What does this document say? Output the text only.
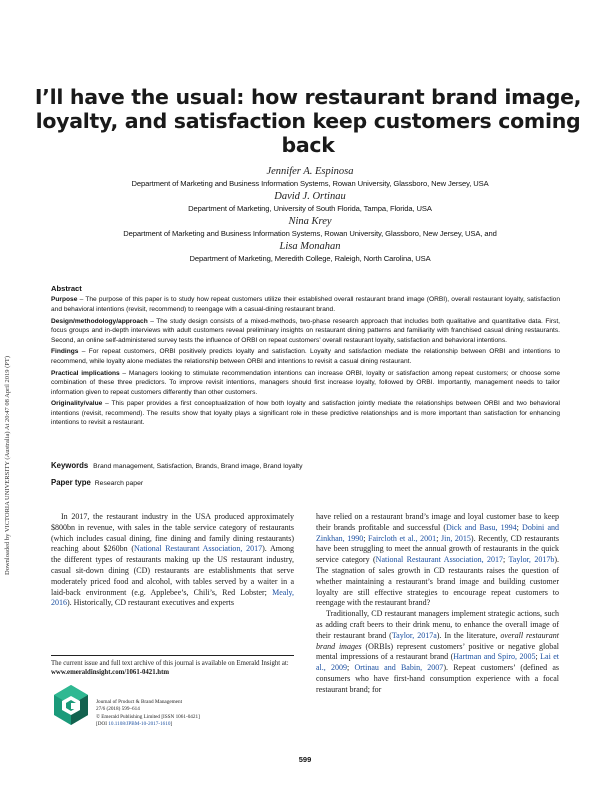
Downloaded by VICTORIA UNIVERSITY (Australia) At 20:47 08 April 2019 (PT)
I’ll have the usual: how restaurant brand image, loyalty, and satisfaction keep customers coming back
Jennifer A. Espinosa
Department of Marketing and Business Information Systems, Rowan University, Glassboro, New Jersey, USA
David J. Ortinau
Department of Marketing, University of South Florida, Tampa, Florida, USA
Nina Krey
Department of Marketing and Business Information Systems, Rowan University, Glassboro, New Jersey, USA, and
Lisa Monahan
Department of Marketing, Meredith College, Raleigh, North Carolina, USA
Abstract

Purpose – The purpose of this paper is to study how repeat customers utilize their established overall restaurant brand image (ORBI), overall restaurant loyalty, satisfaction and behavioral intentions (revisit, recommend) to reengage with a casual-dining restaurant brand.

Design/methodology/approach – The study design consists of a mixed-methods, two-phase research approach that includes both qualitative and quantitative data. First, focus groups and in-depth interviews with adult customers reveal preliminary insights on restaurant dining patterns and familiarity with franchised casual dining restaurants. Second, an online self-administered survey tests the influence of ORBI on repeat customers’ overall restaurant loyalty, satisfaction and behavioral intentions.

Findings – For repeat customers, ORBI positively predicts loyalty and satisfaction. Loyalty and satisfaction mediate the relationship between ORBI and intentions to recommend, while loyalty alone mediates the relationship between ORBI and intentions to revisit a casual dining restaurant.

Practical implications – Managers looking to stimulate recommendation intentions can increase ORBI, loyalty or satisfaction among repeat customers; or choose some combination of these three predictors. To improve revisit intentions, managers should first increase loyalty, followed by ORBI. Importantly, management needs to tailor information given to repeat customers differently than other customers.

Originality/value – This paper provides a first conceptualization of how both loyalty and satisfaction jointly mediate the relationships between ORBI and two behavioral intentions (revisit, recommend). The results show that loyalty plays a significant role in these predictive relationships and is more important than satisfaction for enhancing intentions to revisit a restaurant.

Keywords Brand management, Satisfaction, Brands, Brand image, Brand loyalty
Paper type Research paper

In 2017, the restaurant industry in the USA produced approximately $800bn in revenue, with sales in the table service category of restaurants (which includes casual dining, fine dining and family dining restaurants) reaching about $260bn (National Restaurant Association, 2017). Among the different types of restaurants making up the US restaurant industry, casual sit-down dining (CD) restaurants are establishments that serve moderately priced food and alcohol, with tables served by a waiter in a laid-back environment (e.g. Applebee’s, Chili’s, Red Lobster; Mealy, 2016). Historically, CD restaurant executives and experts

have relied on a restaurant brand’s image and loyal customer base to keep their brands profitable and successful (Dick and Basu, 1994; Dobini and Zinkhan, 1990; Faircloth et al., 2001; Jin, 2015). Recently, CD restaurants have been struggling to meet the annual growth of restaurants in the quick service category (National Restaurant Association, 2017; Taylor, 2017b). The stagnation of sales growth in CD restaurants raises the question of whether maintaining a restaurant’s brand image and building customer loyalty are still effective strategies to encourage repeat customers to reengage with the restaurant brand?

Traditionally, CD restaurant managers implement strategic actions, such as adding craft beers to their drink menu, to enhance the overall image of their restaurant brand (Taylor, 2017a). In the literature, overall restaurant brand images (ORBIs) represent customers’ positive or negative global mental impressions of a restaurant brand (Hartman and Spiro, 2005; Lai et al., 2009; Ortinau and Babin, 2007). Repeat customers’ (defined as consumers who have first-hand consumption experience with a focal restaurant brand; for

The current issue and full text archive of this journal is available on Emerald Insight at: www.emeraldinsight.com/1061-0421.htm
Journal of Product & Brand Management
27/6 (2018) 599–614
© Emerald Publishing Limited [ISSN 1061-0421]
[DOI 10.1108/JPBM-10-2017-1610]
599
